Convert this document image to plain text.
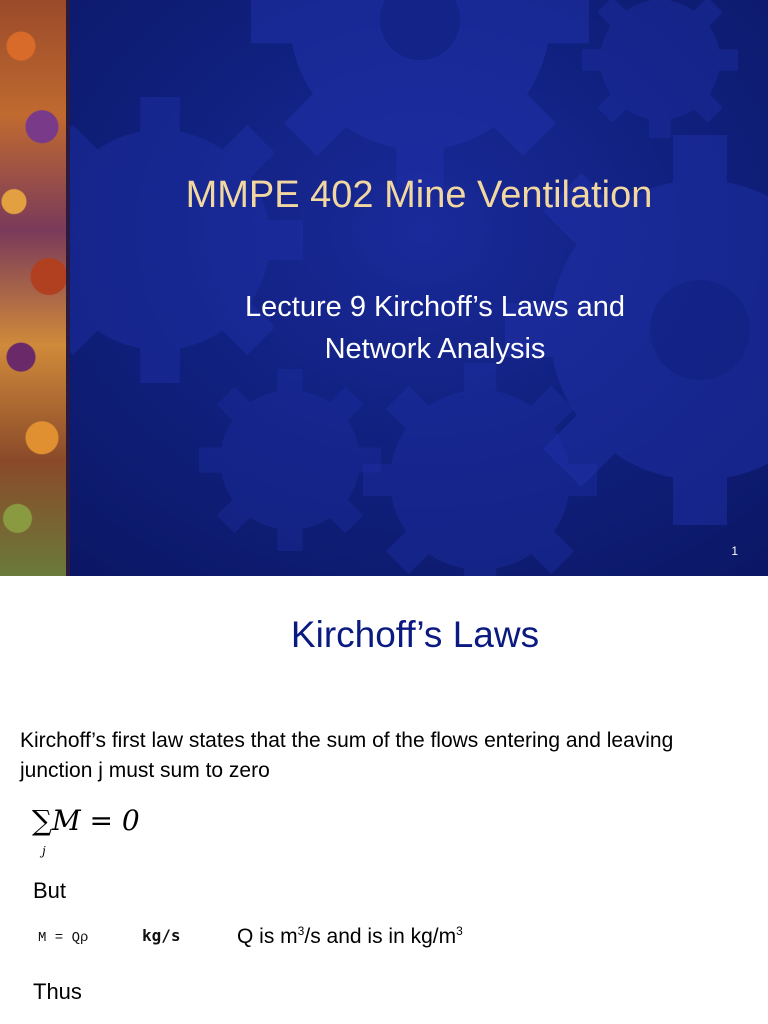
MMPE 402 Mine Ventilation
Lecture 9 Kirchoff’s Laws and
Network Analysis
1
Kirchoff’s Laws
Kirchoff’s first law states that the sum of the flows entering and leaving junction j must sum to zero
∑M = 0
j
But
M = Qρ	kg/s	Q is $m^3/s$ and is in $kg/m^3$
Thus
